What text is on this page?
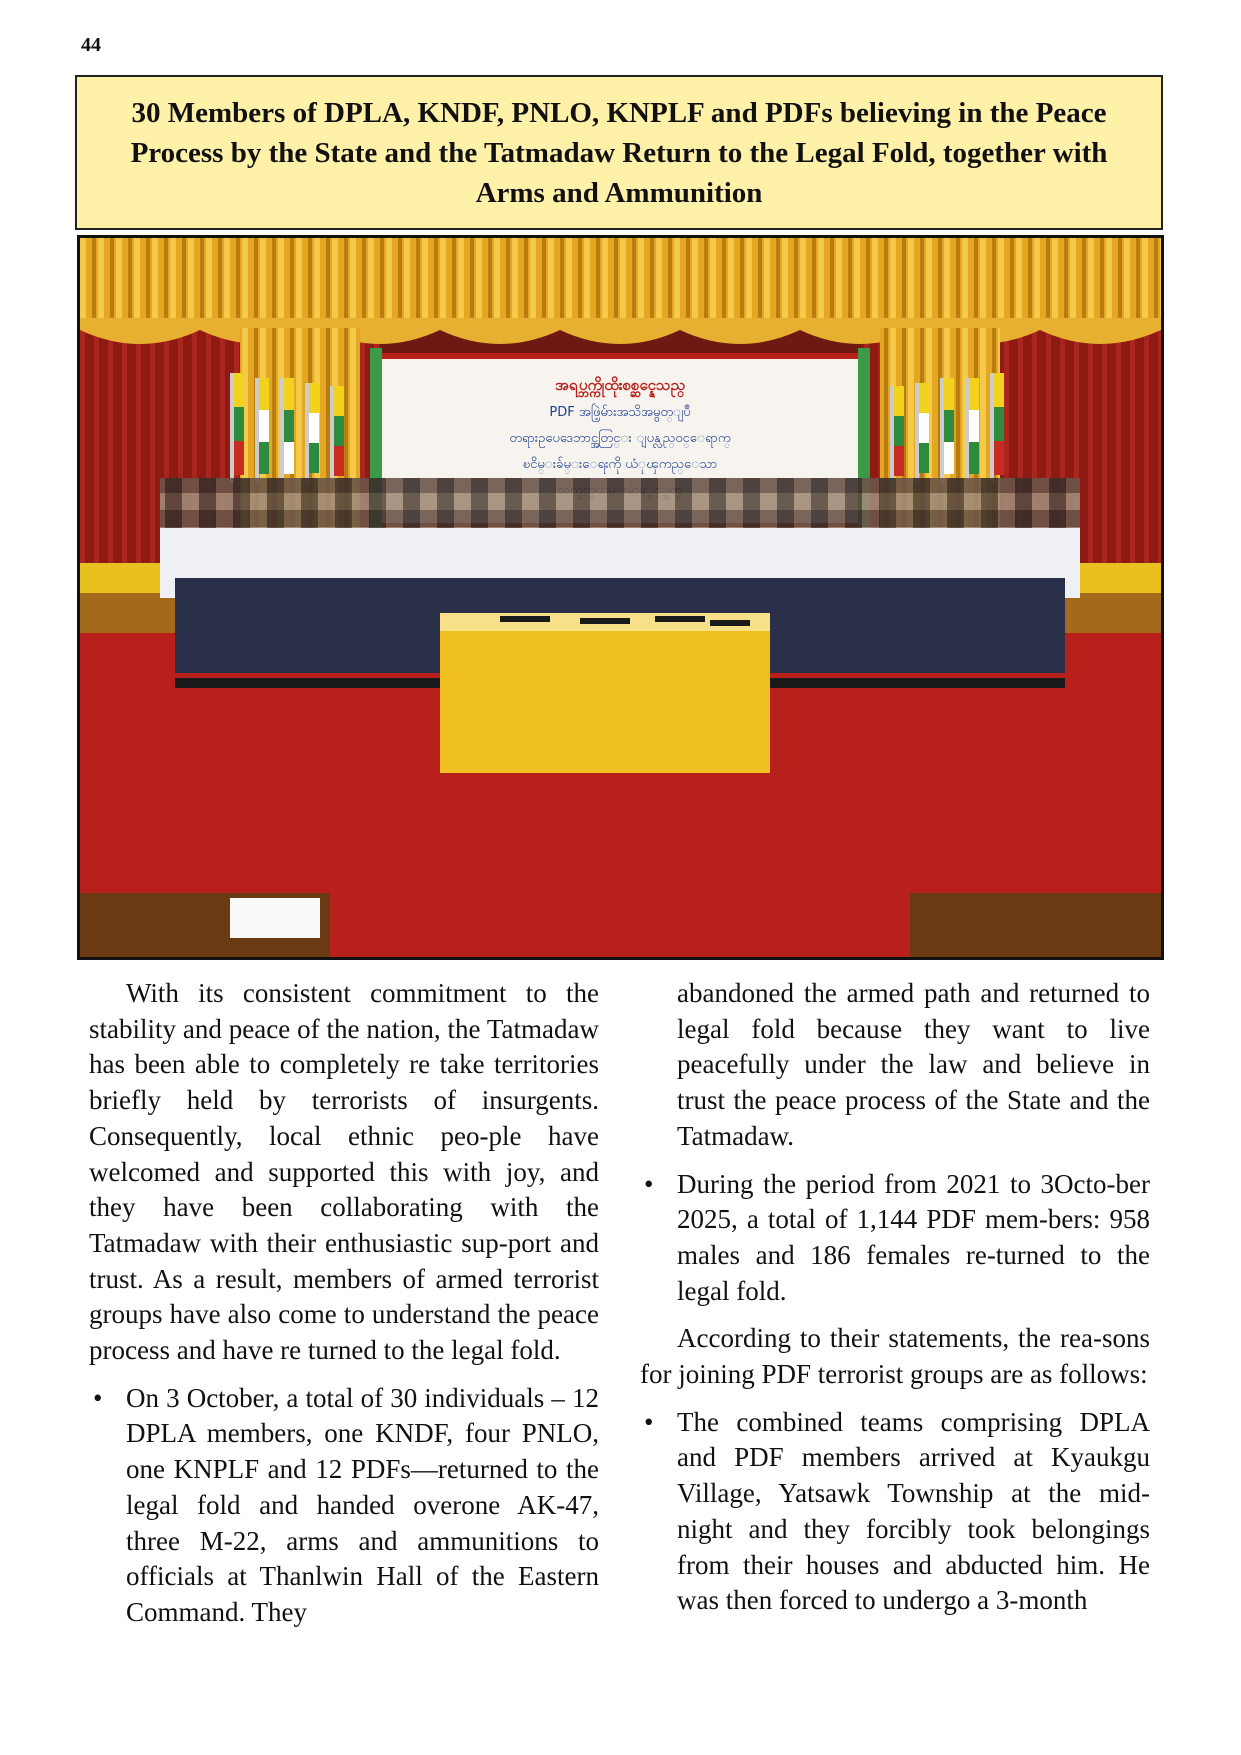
44
30 Members of DPLA, KNDF, PNLO, KNPLF and PDFs believing in the Peace Process by the State and the Tatmadaw Return to the Legal Fold, together with Arms and Ammunition
အရပ္ဘက္ကိုထိုးစစ္ဆင္နေသည္
PDF အဖြဲ့မ်ားအသိအမွတ္ျပဳ
တရားဥပေဒေဘာင္အတြင္း ျပန္လည္ဝင္ေရာက္
ၿငိမ္းခ်မ္းေရးကို ယံုၾကည္ေသာ

With its consistent commitment to the stability and peace of the nation, the Tatmadaw has been able to completely re take territories briefly held by terrorists of insurgents. Consequently, local ethnic peo-ple have welcomed and supported this with joy, and they have been collaborating with the Tatmadaw with their enthusiastic sup-port and trust. As a result, members of armed terrorist groups have also come to understand the peace process and have re turned to the legal fold.

• On 3 October, a total of 30 individuals – 12 DPLA members, one KNDF, four PNLO, one KNPLF and 12 PDFs—returned to the legal fold and handed overone AK-47, three M-22, arms and ammunitions to officials at Thanlwin Hall of the Eastern Command. They

abandoned the armed path and returned to legal fold because they want to live peacefully under the law and believe in trust the peace process of the State and the Tatmadaw.

• During the period from 2021 to 3Octo-ber 2025, a total of 1,144 PDF mem-bers: 958 males and 186 females re-turned to the legal fold.

According to their statements, the rea-sons for joining PDF terrorist groups are as follows:

• The combined teams comprising DPLA and PDF members arrived at Kyaukgu Village, Yatsawk Township at the mid-night and they forcibly took belongings from their houses and abducted him. He was then forced to undergo a 3-month
